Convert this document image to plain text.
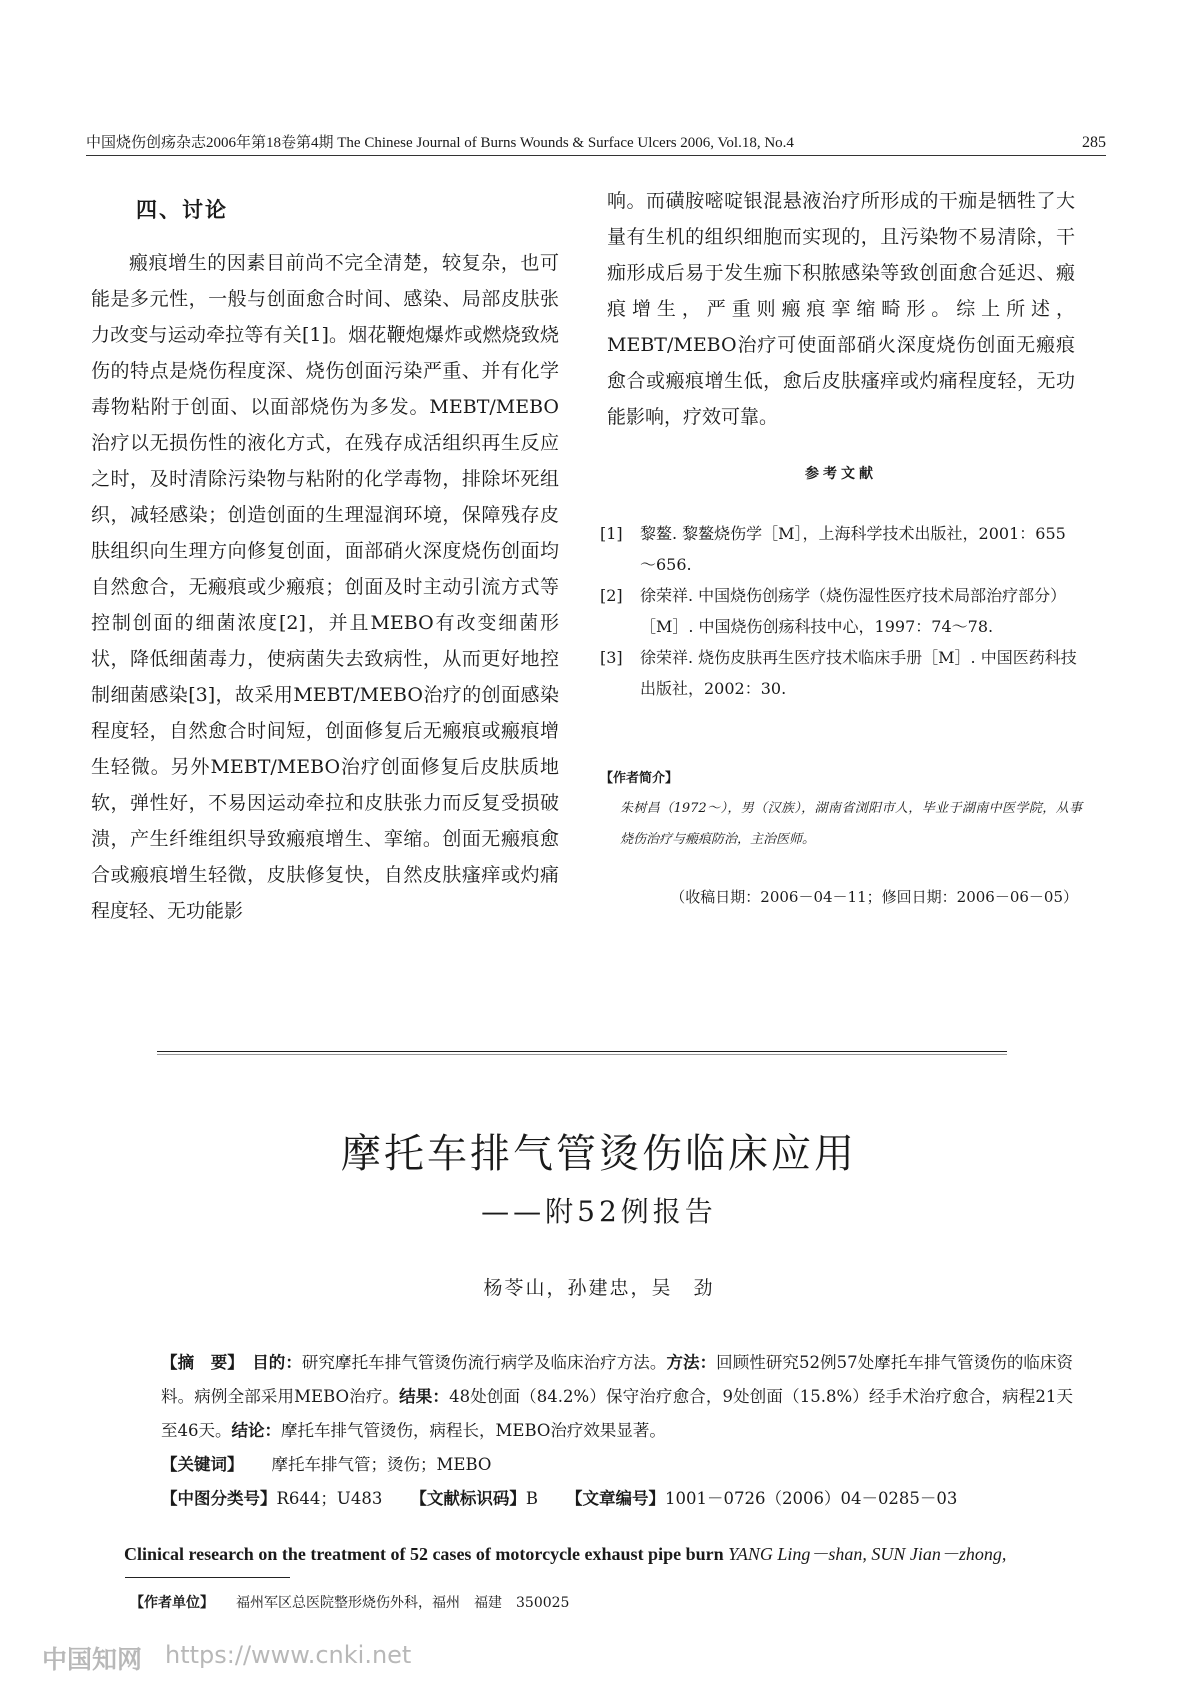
中国烧伤创疡杂志2006年第18卷第4期 The Chinese Journal of Burns Wounds & Surface Ulcers 2006, Vol.18, No.4	285
四、讨论

瘢痕增生的因素目前尚不完全清楚，较复杂，也可能是多元性，一般与创面愈合时间、感染、局部皮肤张力改变与运动牵拉等有关[1]。烟花鞭炮爆炸或燃烧致烧伤的特点是烧伤程度深、烧伤创面污染严重、并有化学毒物粘附于创面、以面部烧伤为多发。MEBT/MEBO治疗以无损伤性的液化方式，在残存成活组织再生反应之时，及时清除污染物与粘附的化学毒物，排除坏死组织，减轻感染；创造创面的生理湿润环境，保障残存皮肤组织向生理方向修复创面，面部硝火深度烧伤创面均自然愈合，无瘢痕或少瘢痕；创面及时主动引流方式等控制创面的细菌浓度[2]，并且MEBO有改变细菌形状，降低细菌毒力，使病菌失去致病性，从而更好地控制细菌感染[3]，故采用MEBT/MEBO治疗的创面感染程度轻，自然愈合时间短，创面修复后无瘢痕或瘢痕增生轻微。另外MEBT/MEBO治疗创面修复后皮肤质地软，弹性好，不易因运动牵拉和皮肤张力而反复受损破溃，产生纤维组织导致瘢痕增生、挛缩。创面无瘢痕愈合或瘢痕增生轻微，皮肤修复快，自然皮肤瘙痒或灼痛程度轻、无功能影

响。而磺胺嘧啶银混悬液治疗所形成的干痂是牺牲了大量有生机的组织细胞而实现的，且污染物不易清除，干痂形成后易于发生痂下积脓感染等致创面愈合延迟、瘢痕增生，严重则瘢痕挛缩畸形。综上所述，MEBT/MEBO治疗可使面部硝火深度烧伤创面无瘢痕愈合或瘢痕增生低，愈后皮肤瘙痒或灼痛程度轻，无功能影响，疗效可靠。

参考文献
[1]	黎鳌. 黎鳌烧伤学［M］，上海科学技术出版社，2001：655～656.
[2]	徐荣祥. 中国烧伤创疡学（烧伤湿性医疗技术局部治疗部分）［M］. 中国烧伤创疡科技中心，1997：74～78.
[3]	徐荣祥. 烧伤皮肤再生医疗技术临床手册［M］. 中国医药科技出版社，2002：30.
【作者简介】
朱树昌（1972～），男（汉族），湖南省浏阳市人，毕业于湖南中医学院，从事烧伤治疗与瘢痕防治，主治医师。
（收稿日期：2006－04－11；修回日期：2006－06－05）
摩托车排气管烫伤临床应用
——附52例报告
杨苓山，孙建忠，吴　劲

【摘　要】　 目的：研究摩托车排气管烫伤流行病学及临床治疗方法。方法：回顾性研究52例57处摩托车排气管烫伤的临床资料。病例全部采用MEBO治疗。结果：48处创面（84.2%）保守治疗愈合，9处创面（15.8%）经手术治疗愈合，病程21天至46天。结论：摩托车排气管烫伤，病程长，MEBO治疗效果显著。

【关键词】 摩托车排气管；烫伤；MEBO

【中图分类号】R644；U483 【文献标识码】B 【文章编号】1001－0726（2006）04－0285－03

Clinical research on the treatment of 52 cases of motorcycle exhaust pipe burn YANG Ling－shan, SUN Jian－zhong,
【作者单位】 福州军区总医院整形烧伤外科，福州　福建　350025
中国知网 https://www.cnki.net
